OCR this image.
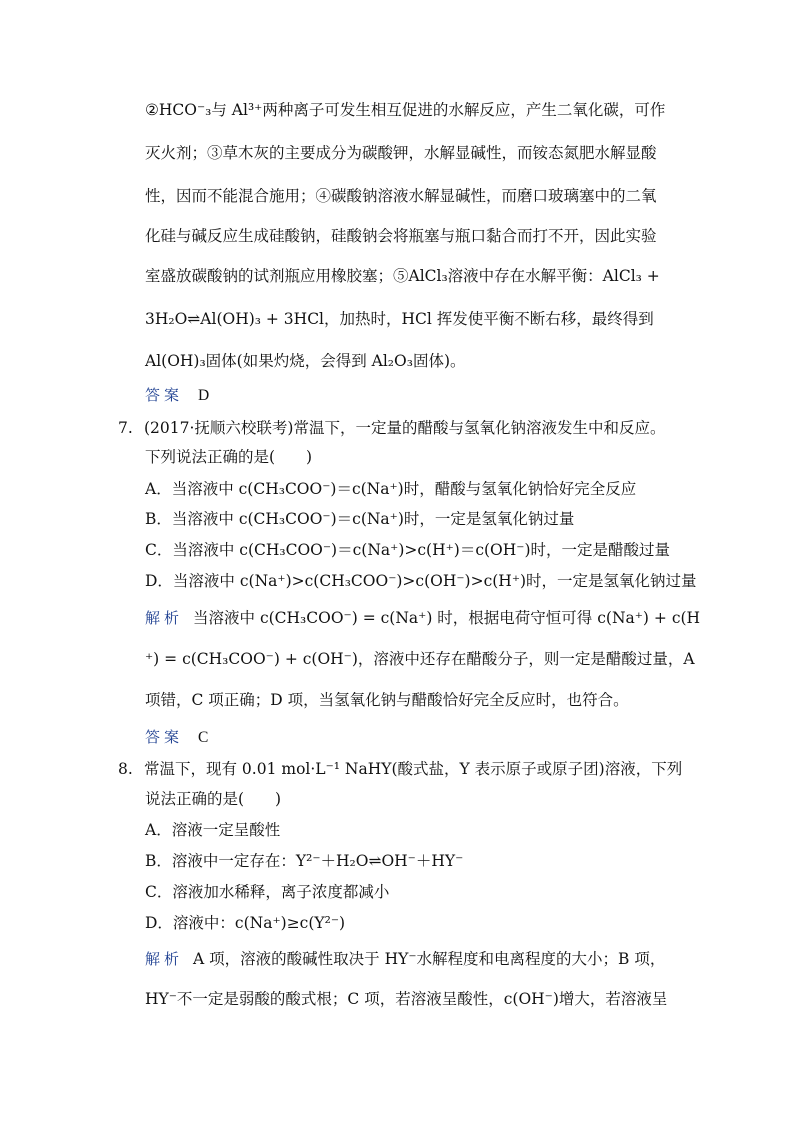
②HCO⁻₃与 Al³⁺两种离子可发生相互促进的水解反应，产生二氧化碳，可作
灭火剂；③草木灰的主要成分为碳酸钾，水解显碱性，而铵态氮肥水解显酸
性，因而不能混合施用；④碳酸钠溶液水解显碱性，而磨口玻璃塞中的二氧
化硅与碱反应生成硅酸钠，硅酸钠会将瓶塞与瓶口黏合而打不开，因此实验
室盛放碳酸钠的试剂瓶应用橡胶塞；⑤AlCl₃溶液中存在水解平衡：AlCl₃ +
3H₂O⇌Al(OH)₃ + 3HCl，加热时，HCl 挥发使平衡不断右移，最终得到
Al(OH)₃固体(如果灼烧，会得到 Al₂O₃固体)。
答案 D
7. (2017·抚顺六校联考)常温下，一定量的醋酸与氢氧化钠溶液发生中和反应。
下列说法正确的是(　　)
A．当溶液中 c(CH₃COO⁻)＝c(Na⁺)时，醋酸与氢氧化钠恰好完全反应
B．当溶液中 c(CH₃COO⁻)＝c(Na⁺)时，一定是氢氧化钠过量
C．当溶液中 c(CH₃COO⁻)＝c(Na⁺)>c(H⁺)＝c(OH⁻)时，一定是醋酸过量
D．当溶液中 c(Na⁺)>c(CH₃COO⁻)>c(OH⁻)>c(H⁺)时，一定是氢氧化钠过量
解析 当溶液中 c(CH₃COO⁻) = c(Na⁺) 时，根据电荷守恒可得 c(Na⁺) + c(H
⁺) = c(CH₃COO⁻) + c(OH⁻)，溶液中还存在醋酸分子，则一定是醋酸过量，A
项错，C 项正确；D 项，当氢氧化钠与醋酸恰好完全反应时，也符合。
答案 C
8. 常温下，现有 0.01 mol·L⁻¹ NaHY(酸式盐，Y 表示原子或原子团)溶液，下列
说法正确的是(　　)
A．溶液一定呈酸性
B．溶液中一定存在：Y²⁻＋H₂O⇌OH⁻＋HY⁻
C．溶液加水稀释，离子浓度都减小
D．溶液中：c(Na⁺)≥c(Y²⁻)
解析 A 项，溶液的酸碱性取决于 HY⁻水解程度和电离程度的大小；B 项，
HY⁻不一定是弱酸的酸式根；C 项，若溶液呈酸性，c(OH⁻)增大，若溶液呈
